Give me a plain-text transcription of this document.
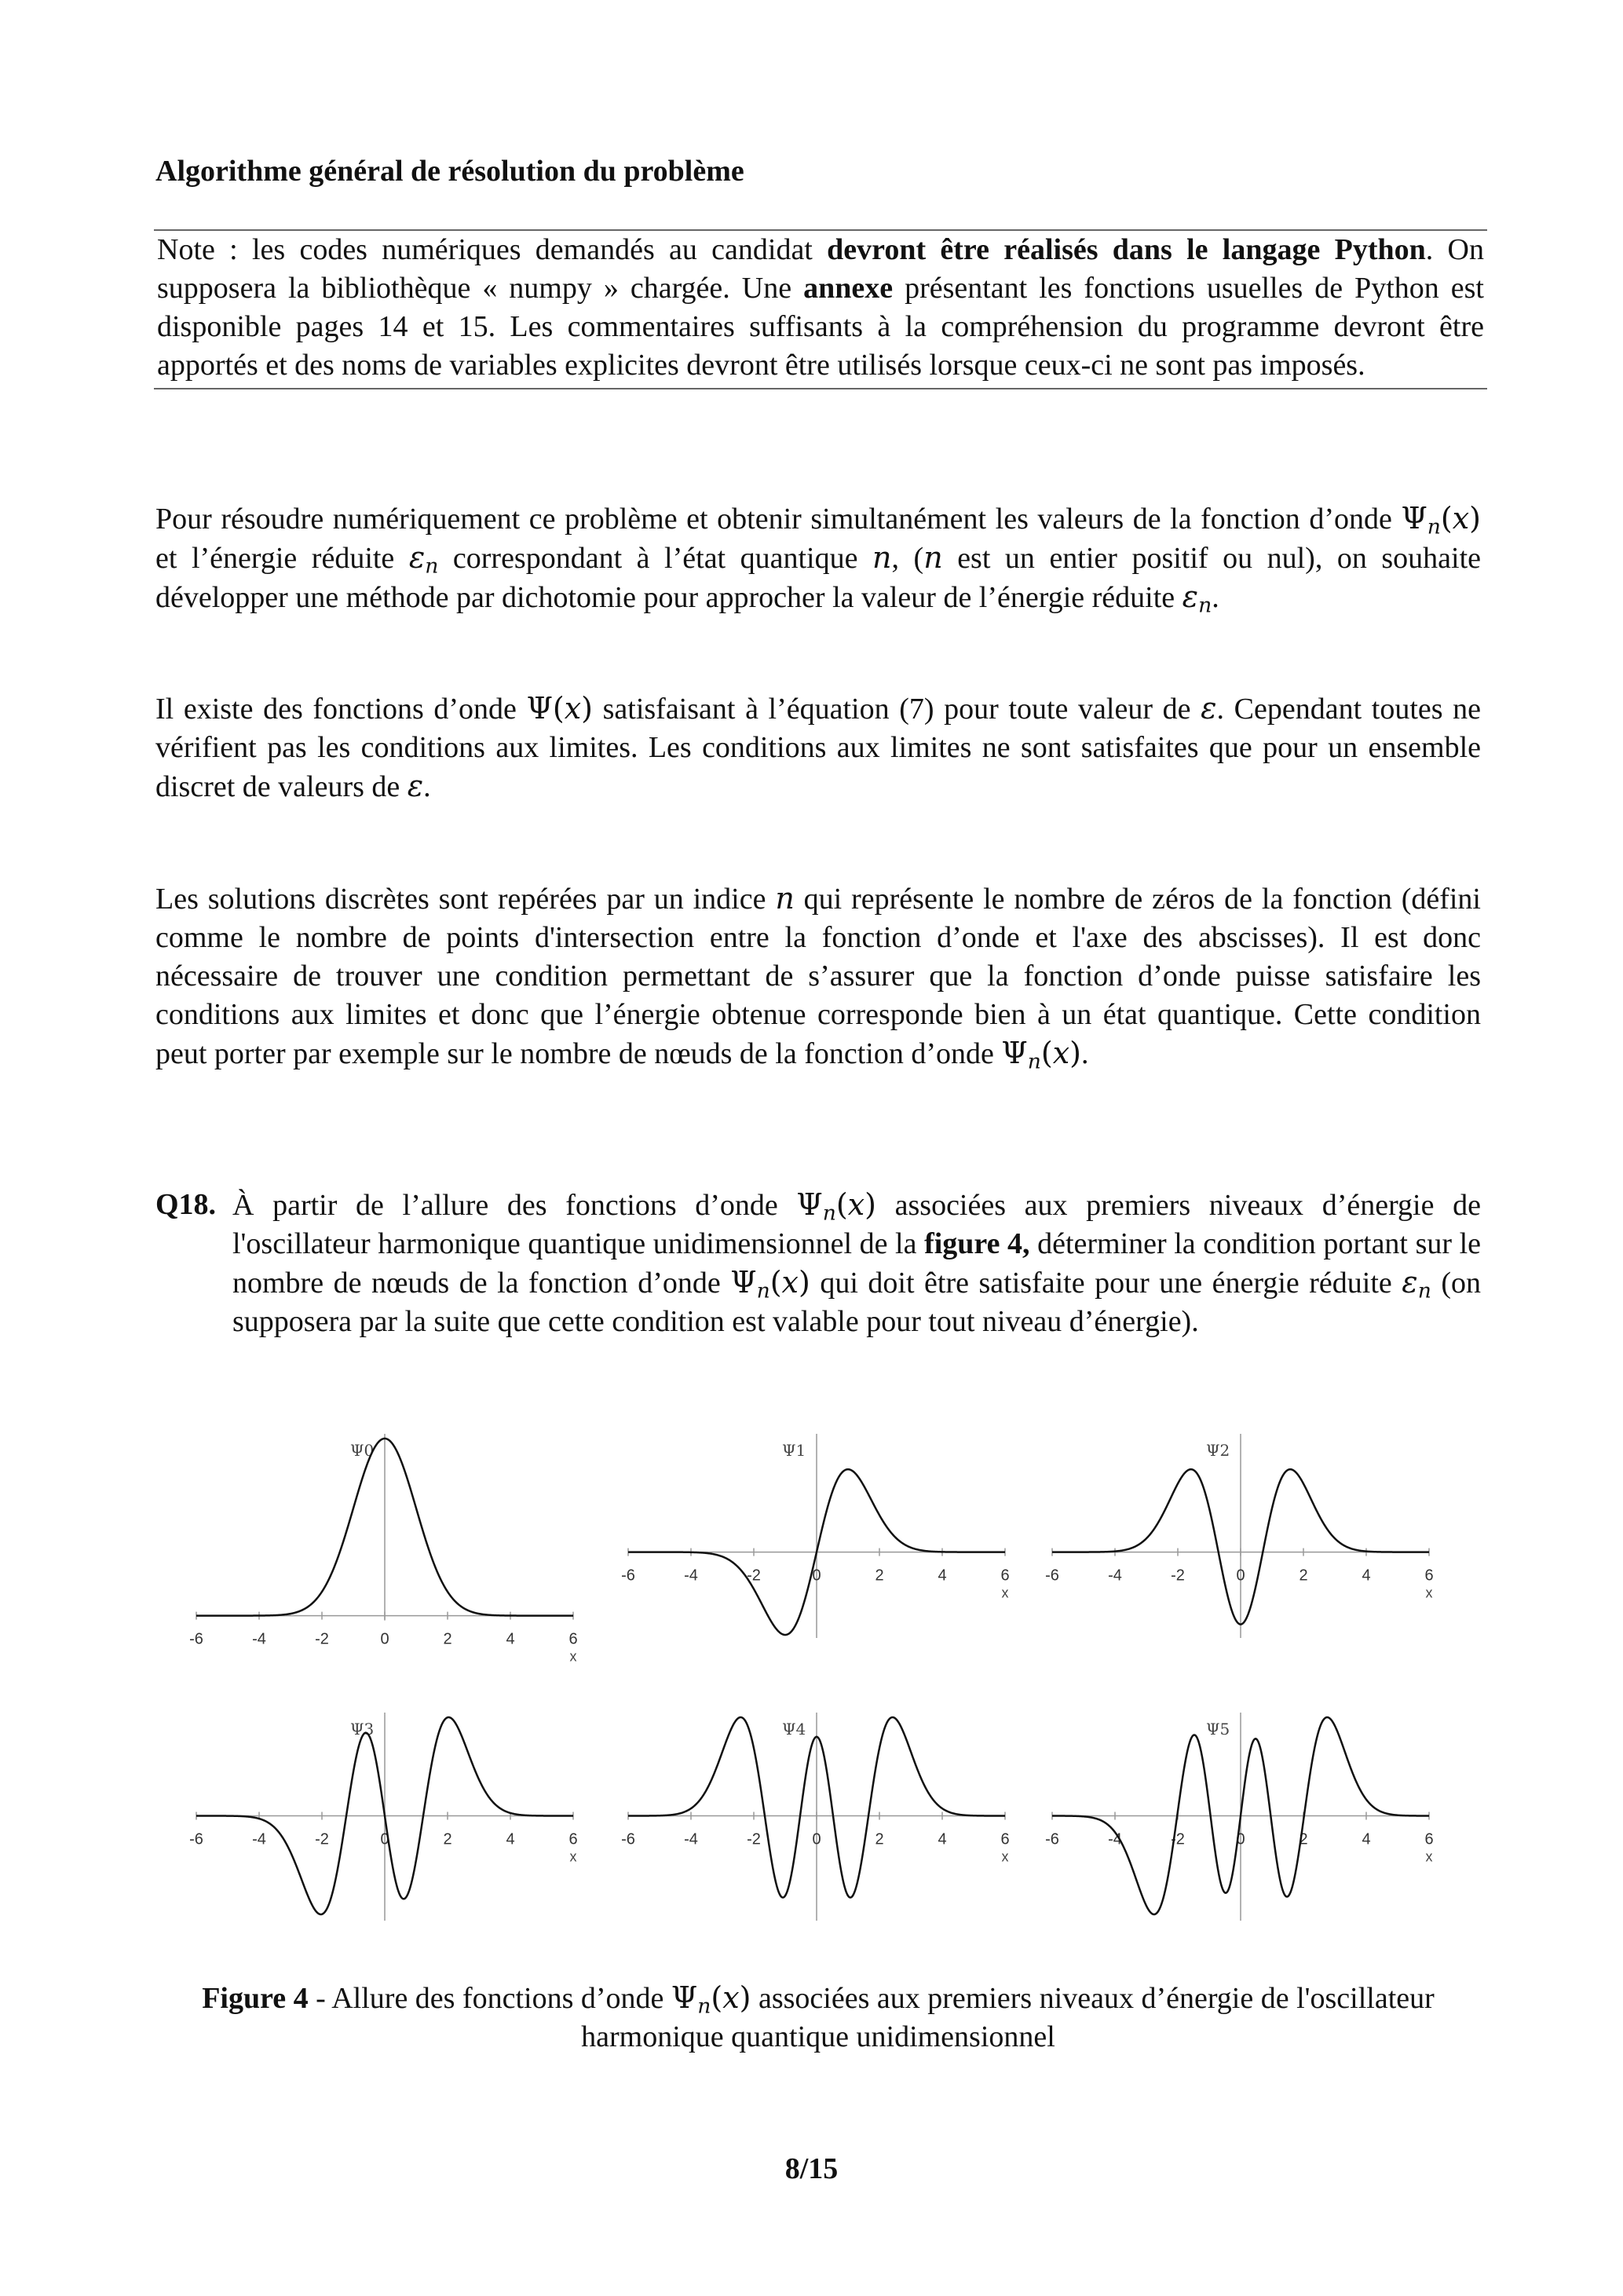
Algorithme général de résolution du problème
Note : les codes numériques demandés au candidat devront être réalisés dans le langage Python. On supposera la bibliothèque « numpy » chargée. Une annexe présentant les fonctions usuelles de Python est disponible pages 14 et 15. Les commentaires suffisants à la compréhension du programme devront être apportés et des noms de variables explicites devront être utilisés lorsque ceux-ci ne sont pas imposés.
Pour résoudre numériquement ce problème et obtenir simultanément les valeurs de la fonction d’onde $\Psi_n(x)$ et l’énergie réduite $\varepsilon_n$ correspondant à l’état quantique n, (n est un entier positif ou nul), on souhaite développer une méthode par dichotomie pour approcher la valeur de l’énergie réduite $\varepsilon_n$.
Il existe des fonctions d’onde Ψ(x) satisfaisant à l’équation (7) pour toute valeur de ε. Cependant toutes ne vérifient pas les conditions aux limites. Les conditions aux limites ne sont satisfaites que pour un ensemble discret de valeurs de ε.
Les solutions discrètes sont repérées par un indice n qui représente le nombre de zéros de la fonction (défini comme le nombre de points d'intersection entre la fonction d’onde et l'axe des abscisses). Il est donc nécessaire de trouver une condition permettant de s’assurer que la fonction d’onde puisse satisfaire les conditions aux limites et donc que l’énergie obtenue corresponde bien à un état quantique. Cette condition peut porter par exemple sur le nombre de nœuds de la fonction d’onde $\Psi_n(x)$.
Q18. À partir de l’allure des fonctions d’onde $\Psi_n(x)$ associées aux premiers niveaux d’énergie de l'oscillateur harmonique quantique unidimensionnel de la figure 4, déterminer la condition portant sur le nombre de nœuds de la fonction d’onde $\Psi_n(x)$ qui doit être satisfaite pour une énergie réduite $\varepsilon_n$ (on supposera par la suite que cette condition est valable pour tout niveau d’énergie).
-6	-4	-2	0	2	4	6
x
Ψ0
-6	-4	-2	0	2	4	6
x
Ψ1
-6	-4	-2	0	2	4	6
x
Ψ2
-6	-4	-2	0	2	4	6
x
Ψ3
-6	-4	-2	0	2	4	6
x
Ψ4
-6	-4	-2	0	2	4	6
x
Ψ5
Figure 4 - Allure des fonctions d’onde $\Psi_n(x)$ associées aux premiers niveaux d’énergie de l'oscillateur harmonique quantique unidimensionnel
8/15
